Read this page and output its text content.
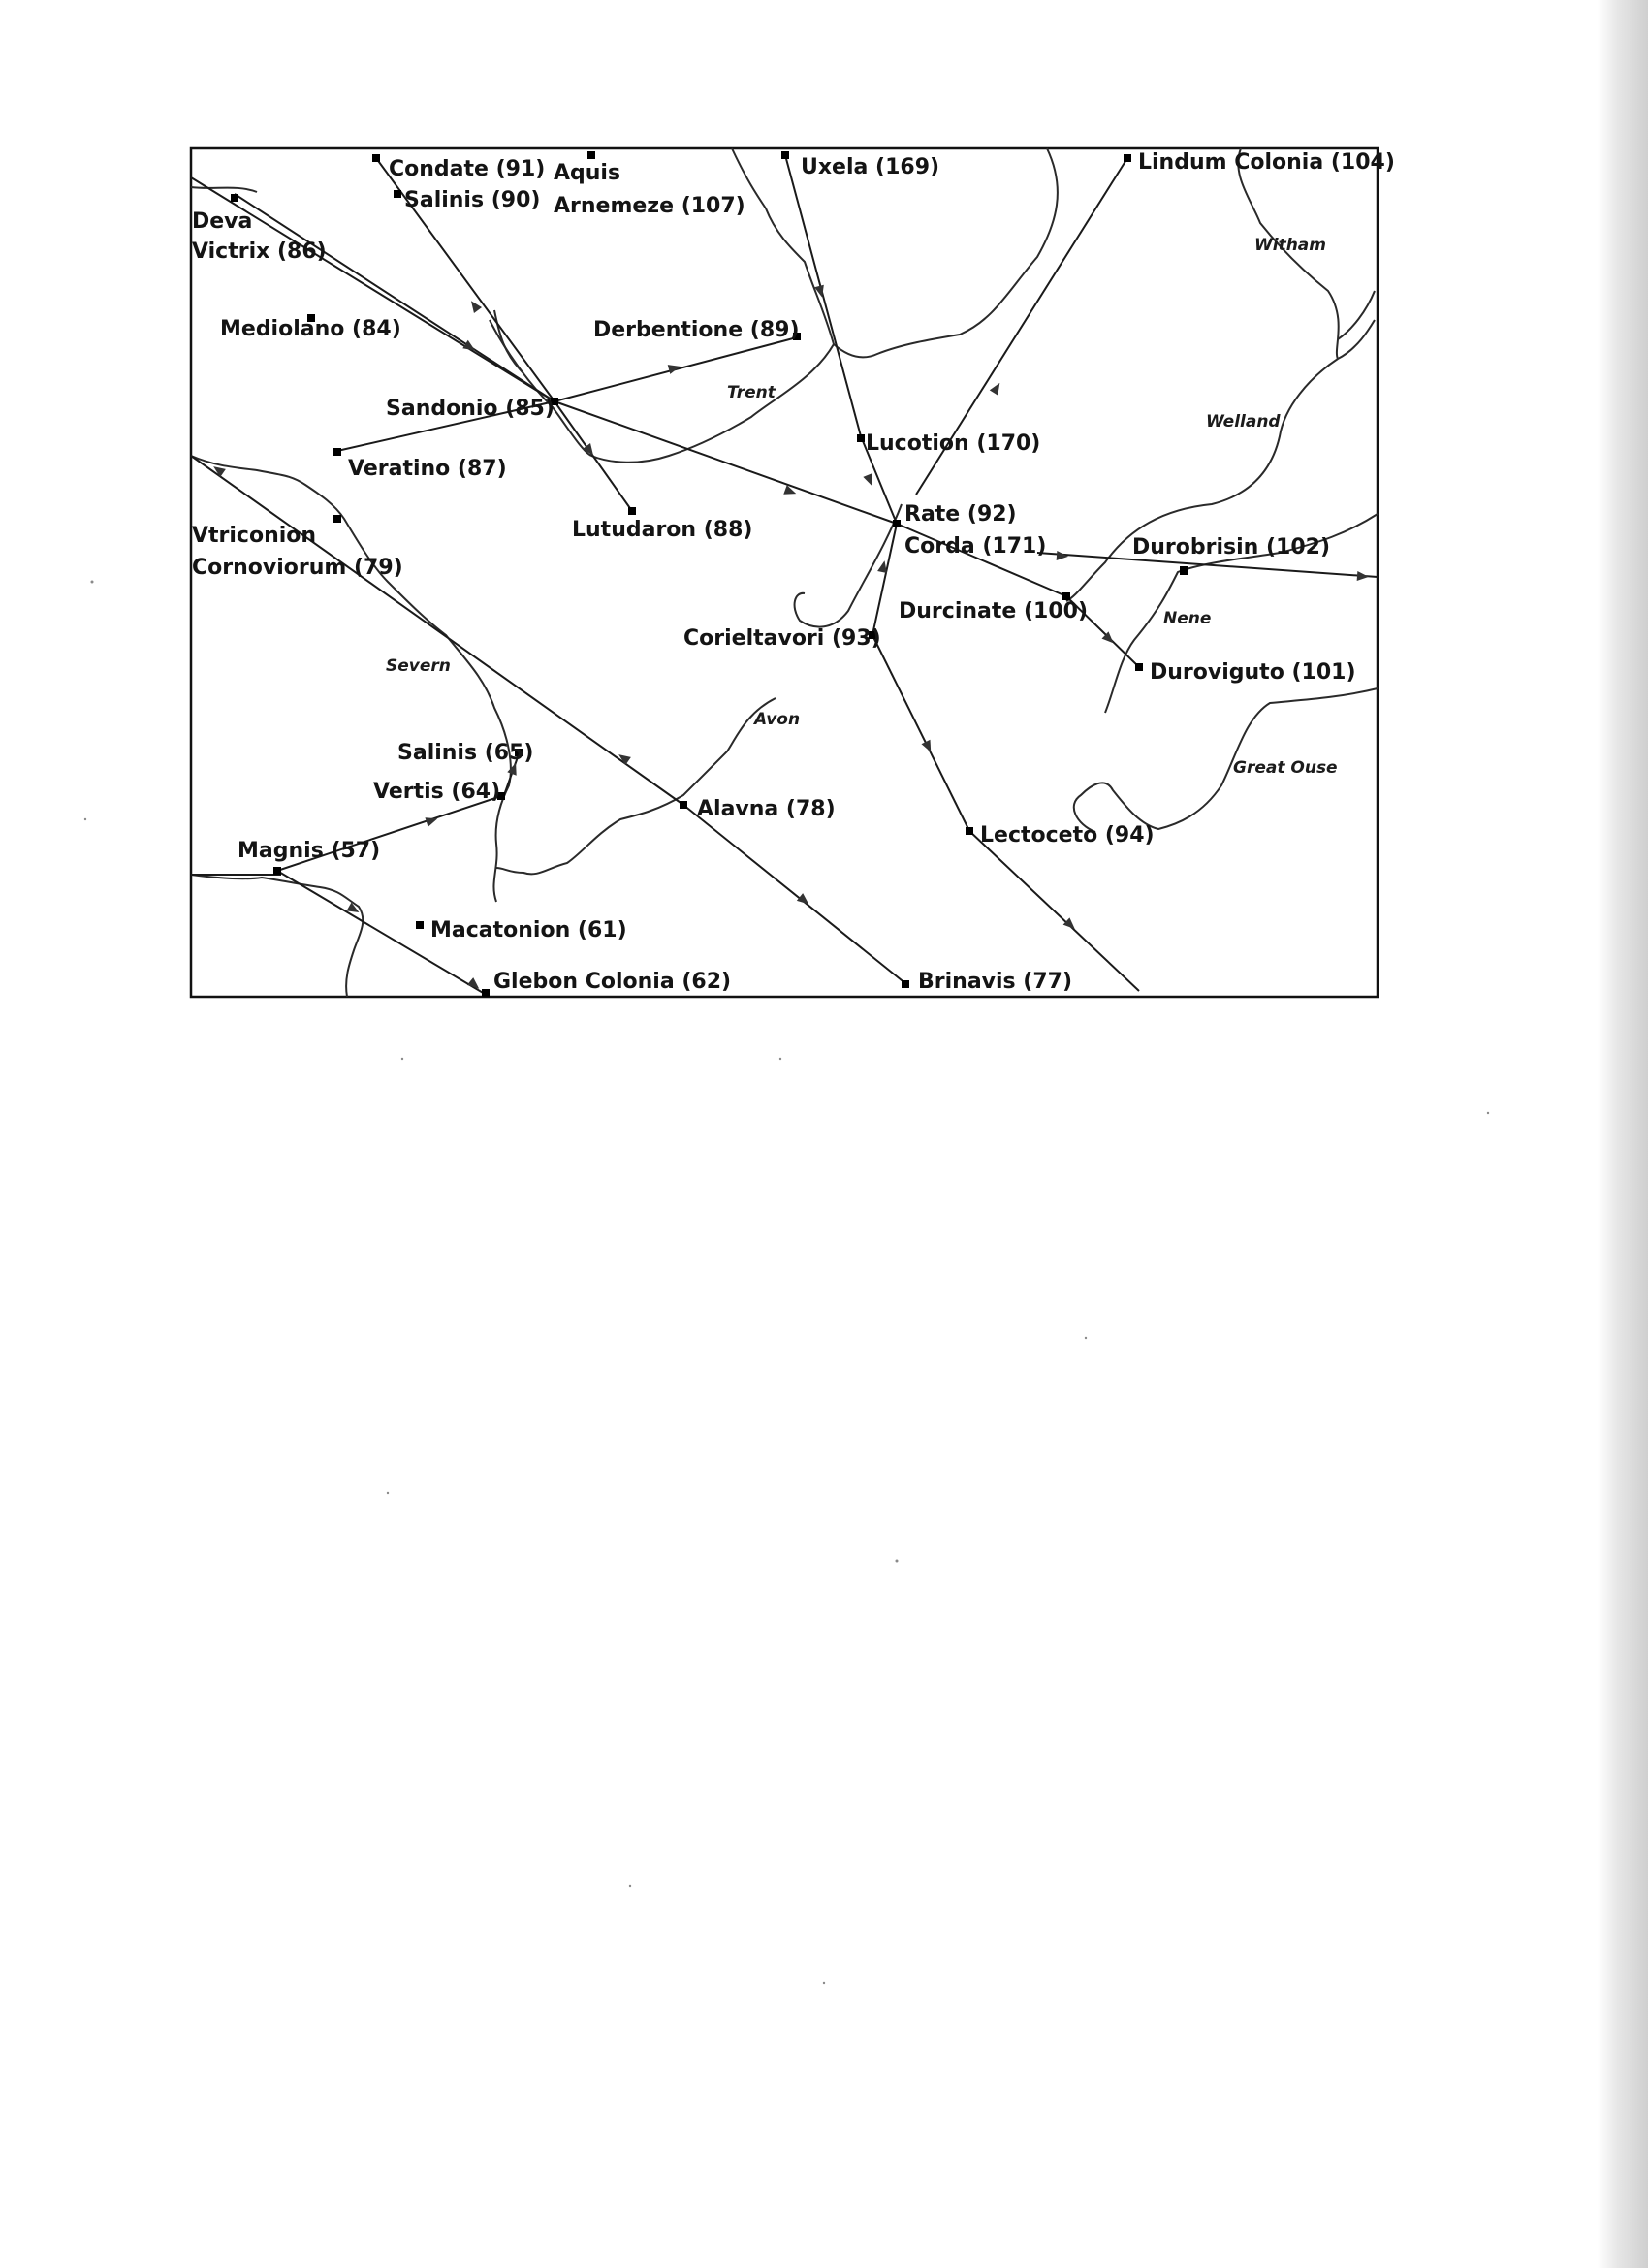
Condate (91)
Salinis (90)
Aquis
Arnemeze (107)
Uxela (169)	Lindum Colonia (104)
Deva
Victrix (86)
Mediolano (84)	Derbentione (89)
Sandonio (85)
Veratino (87)
Lucotion (170)
Lutudaron (88)
Rate (92)
Vtriconion
Cornoviorum (79)
Corda (171)	Durobrisin (102)
Durcinate (100)
Corieltavori (93)
Duroviguto (101)
Salinis (65)
Vertis (64)
Alavna (78)
Magnis (57)
Lectoceto (94)
Macatonion (61)
Glebon Colonia (62)	Brinavis (77)
Witham
Trent
Welland
Nene
Severn
Avon
Great Ouse
